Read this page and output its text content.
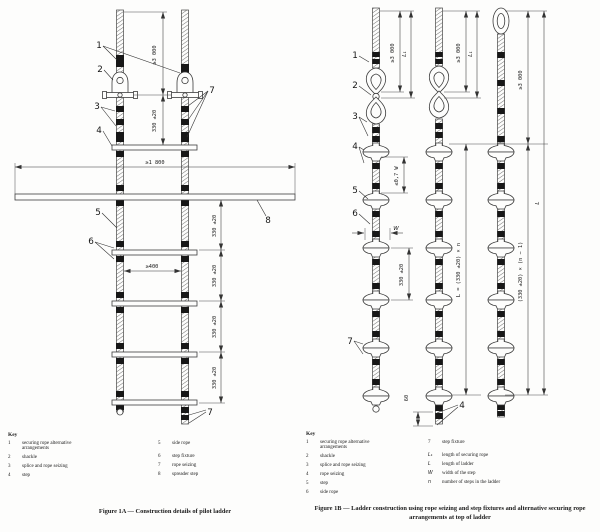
≥3 000
330 ±20
≥1 800
≥400
330 ±20
330 ±20
330 ±20
330 ±20
1
2
3
4
5
6
7
8
7
≥3 000 L₁	≥3 000 L₁
≥3 000
L = (330 ±20) × n	(330 ±20) × (n − 1)
L
≤0,7 W
330 ±20
W
60
1
2
3
4
5
6
7
4
Key
1	securing rope alternative arrangements
2	shackle
3	splice and rope seizing
4	step
5	side rope
6	step fixture
7	rope seizing
8	spreader step
Key
1	securing rope alternative arrangements
2	shackle
3	splice and rope seizing
4	rope seizing
5	step
6	side rope
7	step fixture
L₁	length of securing rope
L	length of ladder
W	width of the step
n	number of steps in the ladder
Figure 1A — Construction details of pilot ladder	Figure 1B — Ladder construction using rope seizing and step fixtures and alternative securing rope arrangements at top of ladder
